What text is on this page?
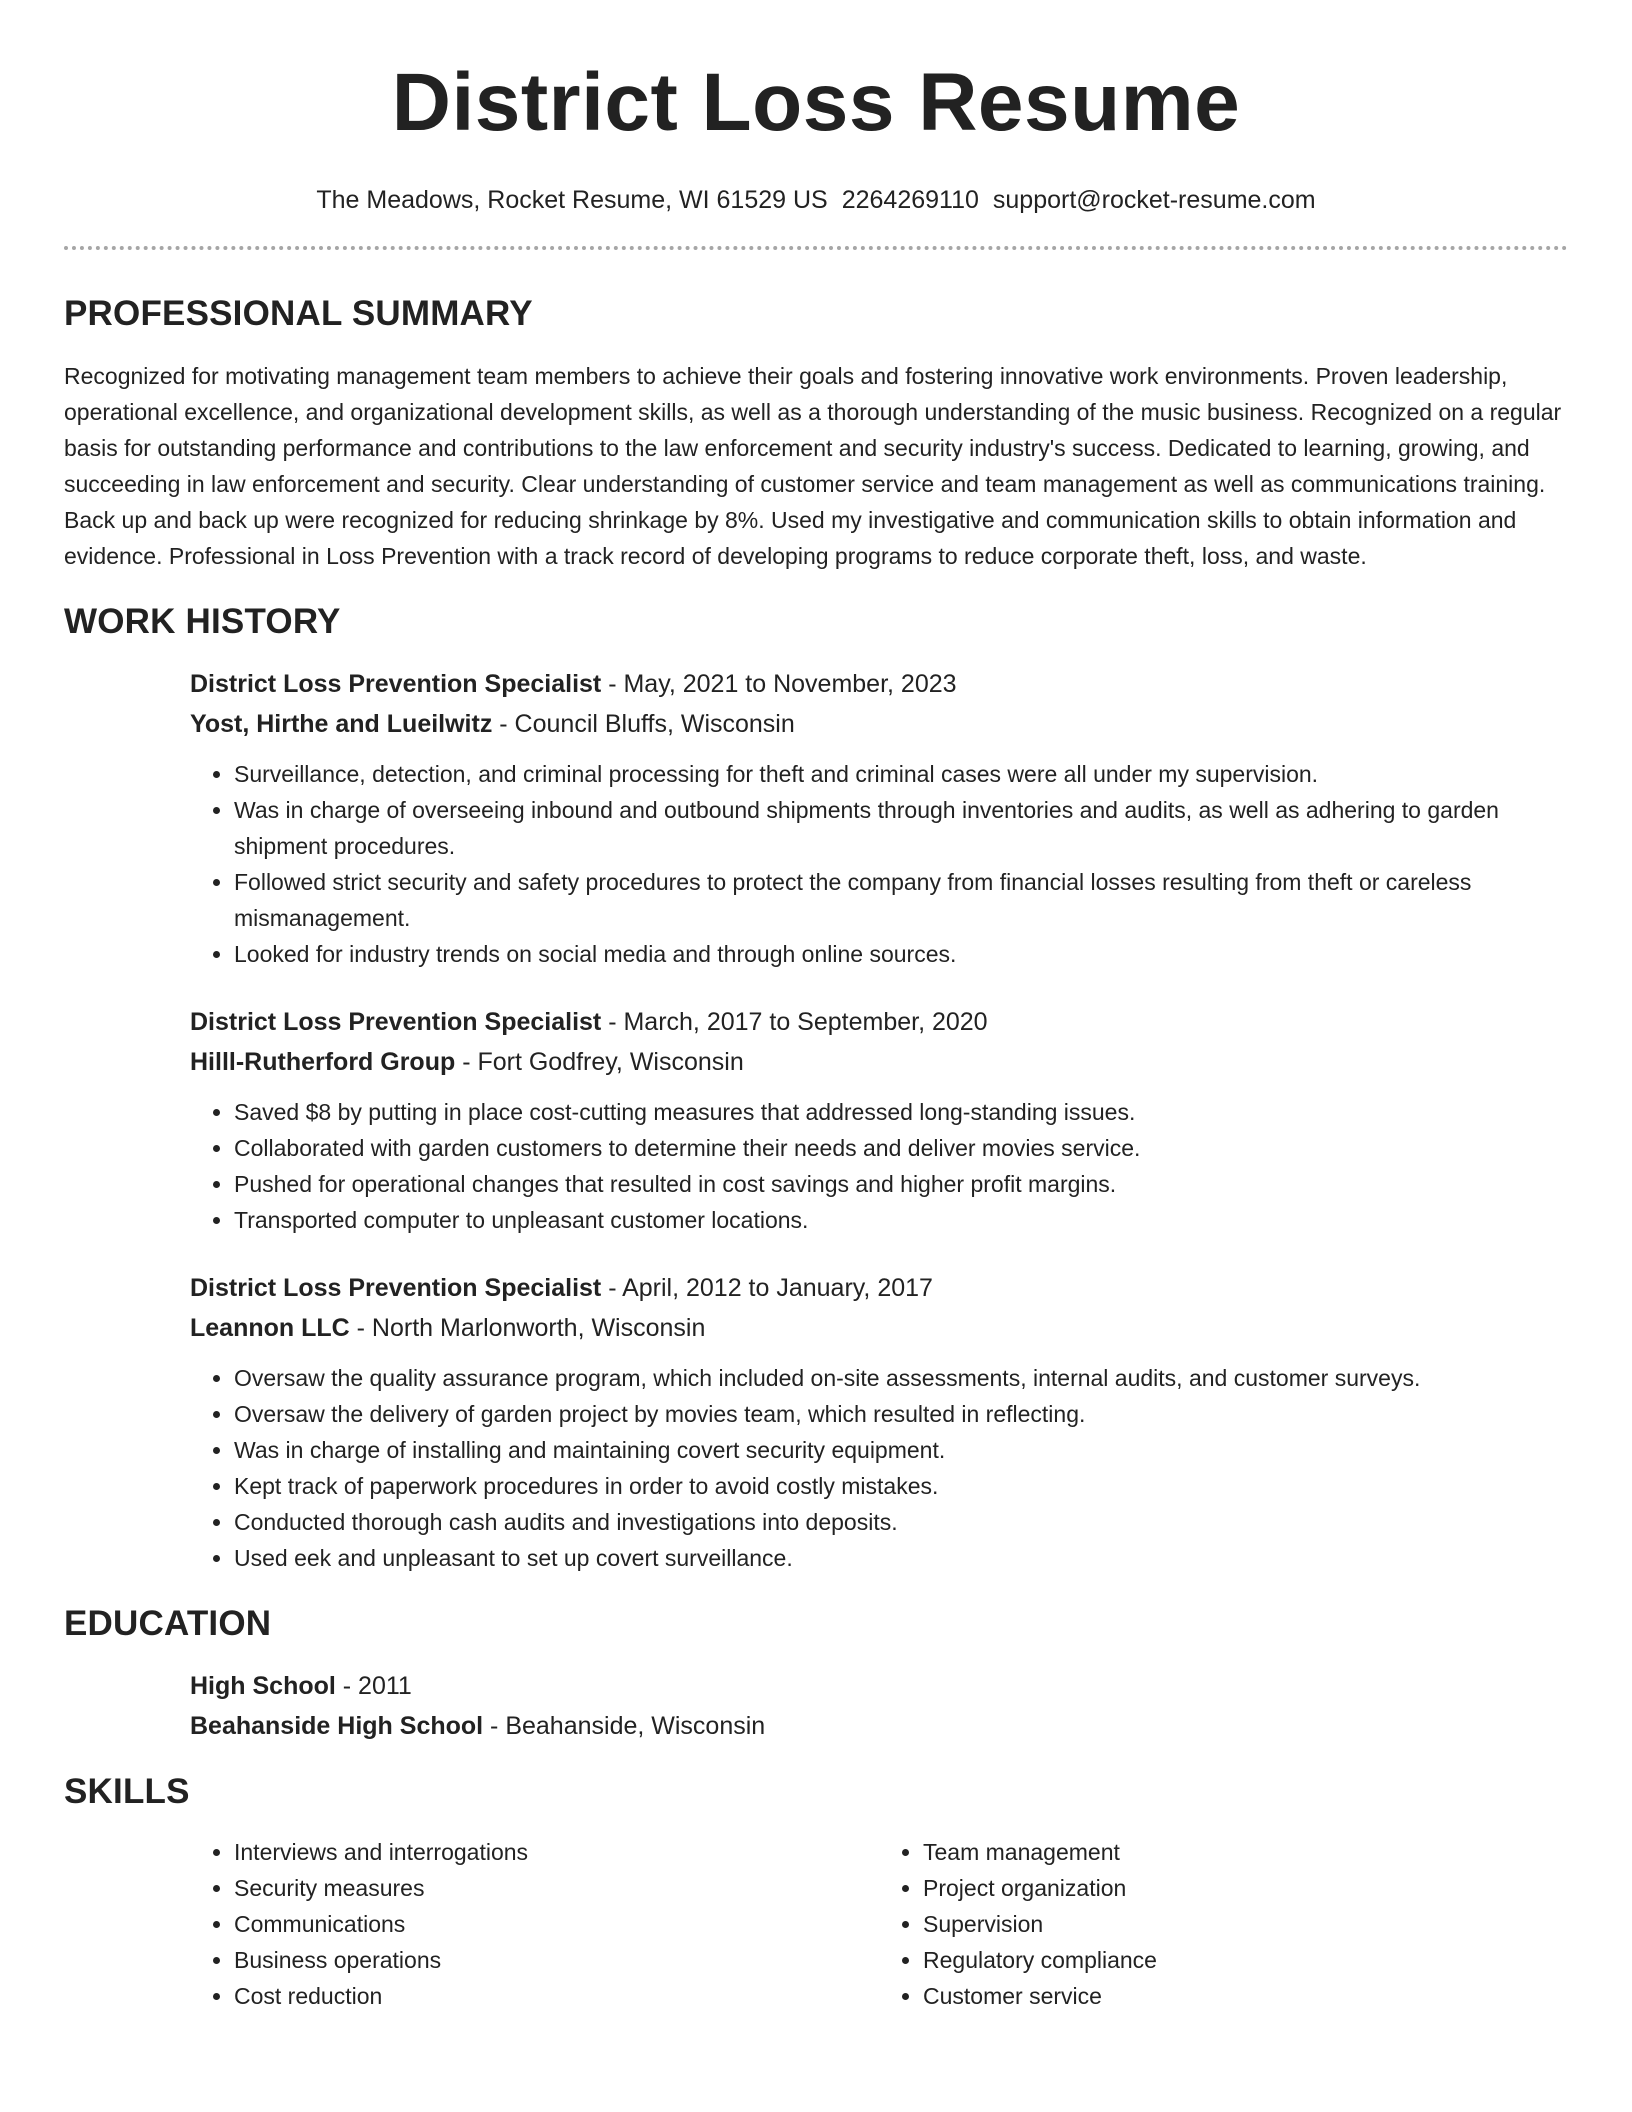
District Loss Resume
The Meadows, Rocket Resume, WI 61529 US 2264269110 support@rocket-resume.com
PROFESSIONAL SUMMARY

Recognized for motivating management team members to achieve their goals and fostering innovative work environments. Proven leadership, operational excellence, and organizational development skills, as well as a thorough understanding of the music business. Recognized on a regular basis for outstanding performance and contributions to the law enforcement and security industry's success. Dedicated to learning, growing, and succeeding in law enforcement and security. Clear understanding of customer service and team management as well as communications training. Back up and back up were recognized for reducing shrinkage by 8%. Used my investigative and communication skills to obtain information and evidence. Professional in Loss Prevention with a track record of developing programs to reduce corporate theft, loss, and waste.

WORK HISTORY
District Loss Prevention Specialist - May, 2021 to November, 2023
Yost, Hirthe and Lueilwitz - Council Bluffs, Wisconsin
• Surveillance, detection, and criminal processing for theft and criminal cases were all under my supervision.
• Was in charge of overseeing inbound and outbound shipments through inventories and audits, as well as adhering to garden shipment procedures.
• Followed strict security and safety procedures to protect the company from financial losses resulting from theft or careless mismanagement.
• Looked for industry trends on social media and through online sources.
District Loss Prevention Specialist - March, 2017 to September, 2020
Hilll-Rutherford Group - Fort Godfrey, Wisconsin
• Saved $8 by putting in place cost-cutting measures that addressed long-standing issues.
• Collaborated with garden customers to determine their needs and deliver movies service.
• Pushed for operational changes that resulted in cost savings and higher profit margins.
• Transported computer to unpleasant customer locations.
District Loss Prevention Specialist - April, 2012 to January, 2017
Leannon LLC - North Marlonworth, Wisconsin
• Oversaw the quality assurance program, which included on-site assessments, internal audits, and customer surveys.
• Oversaw the delivery of garden project by movies team, which resulted in reflecting.
• Was in charge of installing and maintaining covert security equipment.
• Kept track of paperwork procedures in order to avoid costly mistakes.
• Conducted thorough cash audits and investigations into deposits.
• Used eek and unpleasant to set up covert surveillance.
EDUCATION
High School - 2011
Beahanside High School - Beahanside, Wisconsin
SKILLS
• Interviews and interrogations
• Security measures
• Communications
• Business operations
• Cost reduction
• Team management
• Project organization
• Supervision
• Regulatory compliance
• Customer service
